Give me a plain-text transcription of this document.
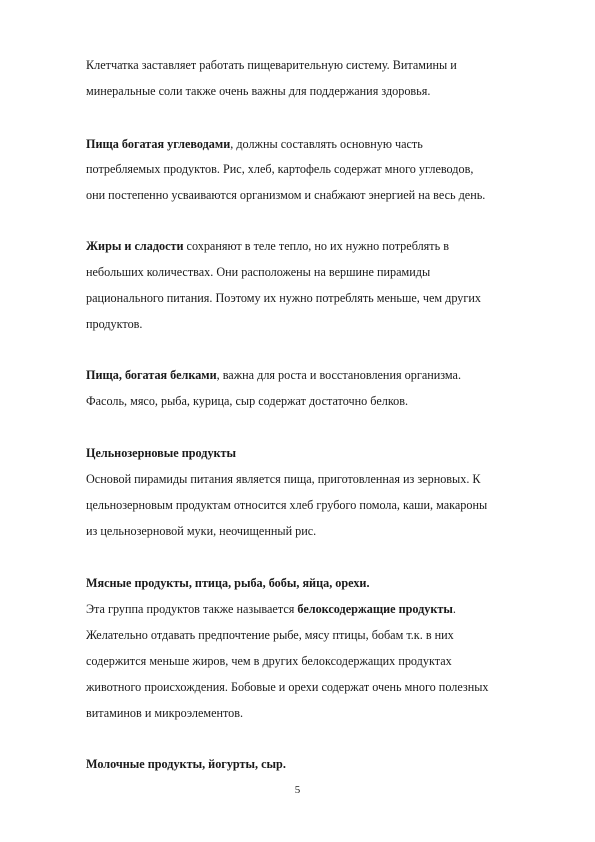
Клетчатка заставляет работать пищеварительную систему. Витамины и
минеральные соли также очень важны для поддержания здоровья.
Пища богатая углеводами, должны составлять основную часть
потребляемых продуктов. Рис, хлеб, картофель содержат много углеводов,
они постепенно усваиваются организмом и снабжают энергией на весь день.
Жиры и сладости сохраняют в теле тепло, но их нужно потреблять в
небольших количествах. Они расположены на вершине пирамиды
рационального питания. Поэтому их нужно потреблять меньше, чем других
продуктов.
Пища, богатая белками, важна для роста и восстановления организма.
Фасоль, мясо, рыба, курица, сыр содержат достаточно белков.
Цельнозерновые продукты
Основой пирамиды питания является пища, приготовленная из зерновых. К
цельнозерновым продуктам относится хлеб грубого помола, каши, макароны
из цельнозерновой муки, неочищенный рис.
Мясные продукты, птица, рыба, бобы, яйца, орехи.
Эта группа продуктов также называется белоксодержащие продукты.
Желательно отдавать предпочтение рыбе, мясу птицы, бобам т.к. в них
содержится меньше жиров, чем в других белоксодержащих продуктах
животного происхождения. Бобовые и орехи содержат очень много полезных
витаминов и микроэлементов.
Молочные продукты, йогурты, сыр.
5
